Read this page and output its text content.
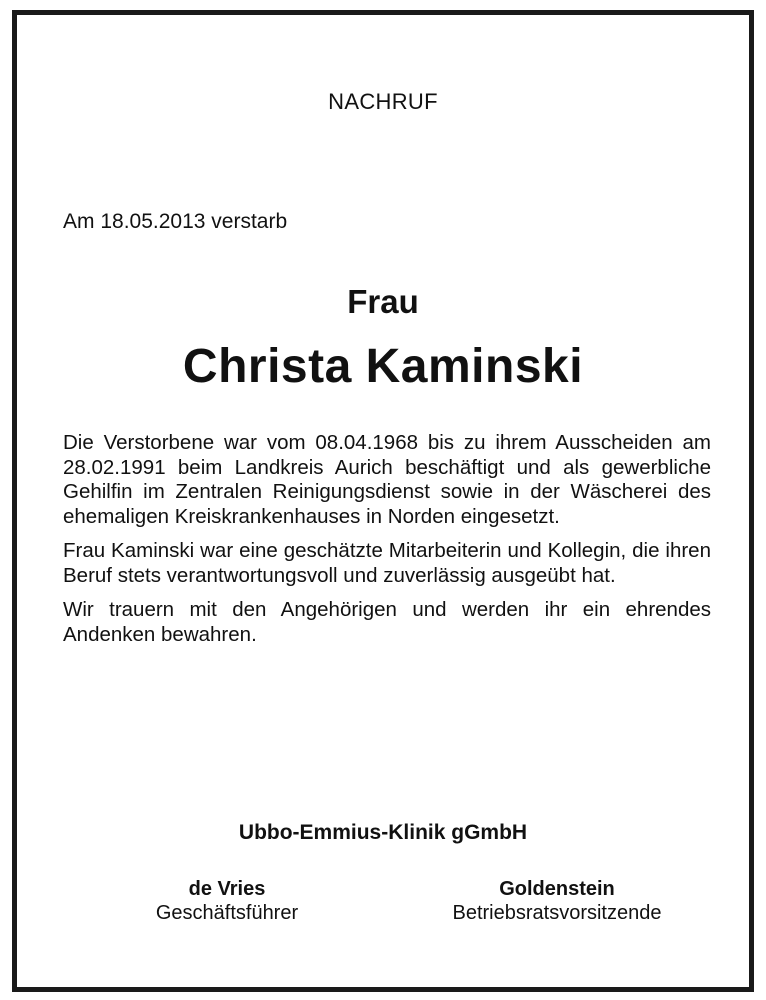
NACHRUF
Am 18.05.2013 verstarb
Frau
Christa Kaminski

Die Verstorbene war vom 08.04.1968 bis zu ihrem Ausscheiden am 28.02.1991 beim Landkreis Aurich beschäftigt und als gewerbliche Gehilfin im Zentralen Reinigungsdienst sowie in der Wäscherei des ehemaligen Kreiskrankenhauses in Norden eingesetzt.

Frau Kaminski war eine geschätzte Mitarbeiterin und Kollegin, die ihren Beruf stets verantwortungsvoll und zuverlässig ausgeübt hat.

Wir trauern mit den Angehörigen und werden ihr ein ehrendes Andenken bewahren.

Ubbo-Emmius-Klinik gGmbH
de Vries
Geschäftsführer
Goldenstein
Betriebsratsvorsitzende
